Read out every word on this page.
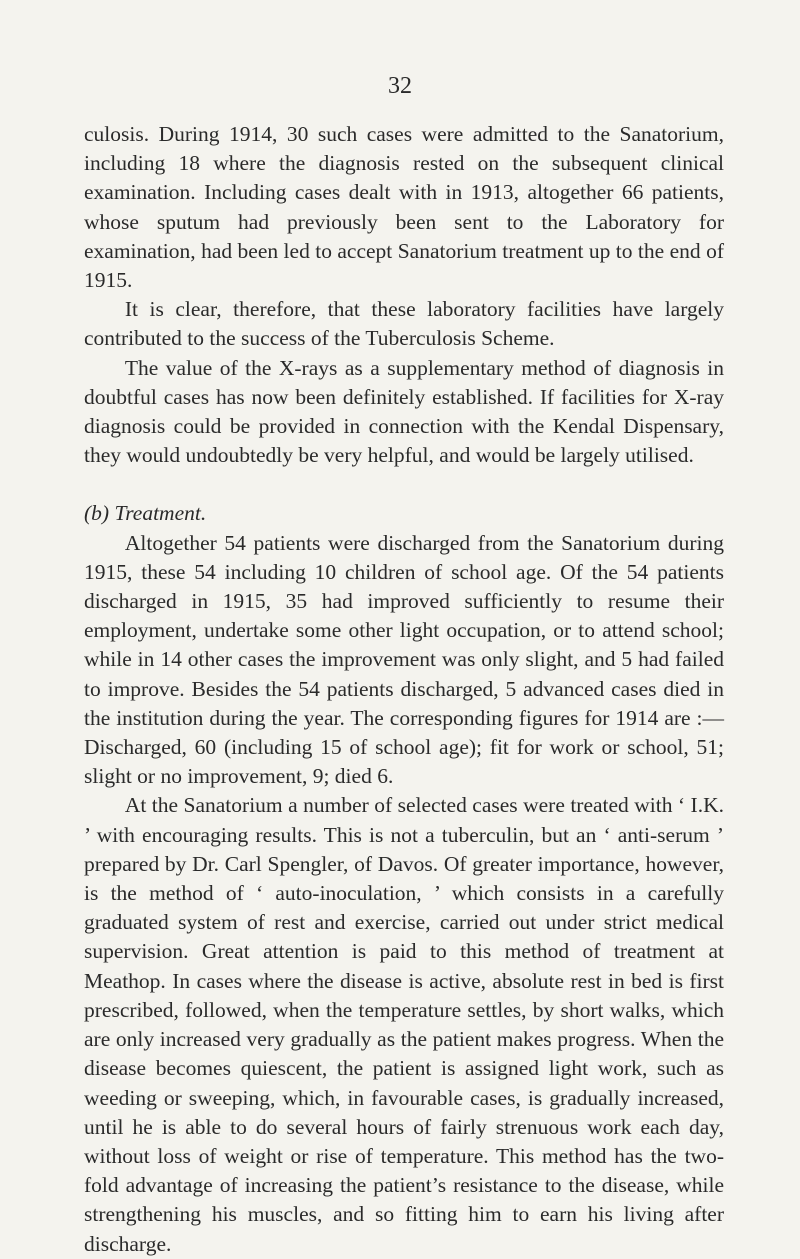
32

culosis. During 1914, 30 such cases were admitted to the Sanatorium, including 18 where the diagnosis rested on the subsequent clinical examination. Including cases dealt with in 1913, altogether 66 patients, whose sputum had previously been sent to the Laboratory for examination, had been led to accept Sanatorium treatment up to the end of 1915.

It is clear, therefore, that these laboratory facilities have largely contributed to the success of the Tuberculosis Scheme.

The value of the X-rays as a supplementary method of diagnosis in doubtful cases has now been definitely established. If facilities for X-ray diagnosis could be provided in connection with the Kendal Dispensary, they would undoubtedly be very helpful, and would be largely utilised.

(b) Treatment.

Altogether 54 patients were discharged from the Sanatorium during 1915, these 54 including 10 children of school age. Of the 54 patients discharged in 1915, 35 had improved sufficiently to resume their employment, undertake some other light occupation, or to attend school; while in 14 other cases the improvement was only slight, and 5 had failed to improve. Besides the 54 patients discharged, 5 advanced cases died in the institution during the year. The corresponding figures for 1914 are :—Discharged, 60 (including 15 of school age); fit for work or school, 51; slight or no improvement, 9; died 6.

At the Sanatorium a number of selected cases were treated with ‘ I.K. ’ with encouraging results. This is not a tuberculin, but an ‘ anti-serum ’ prepared by Dr. Carl Spengler, of Davos. Of greater importance, however, is the method of ‘ auto-inoculation, ’ which consists in a carefully graduated system of rest and exercise, carried out under strict medical supervision. Great attention is paid to this method of treatment at Meathop. In cases where the disease is active, absolute rest in bed is first prescribed, followed, when the temperature settles, by short walks, which are only increased very gradually as the patient makes progress. When the disease becomes quiescent, the patient is assigned light work, such as weeding or sweeping, which, in favourable cases, is gradually increased, until he is able to do several hours of fairly strenuous work each day, without loss of weight or rise of temperature. This method has the two-fold advantage of increasing the patient’s resistance to the disease, while strengthening his muscles, and so fitting him to earn his living after discharge.
